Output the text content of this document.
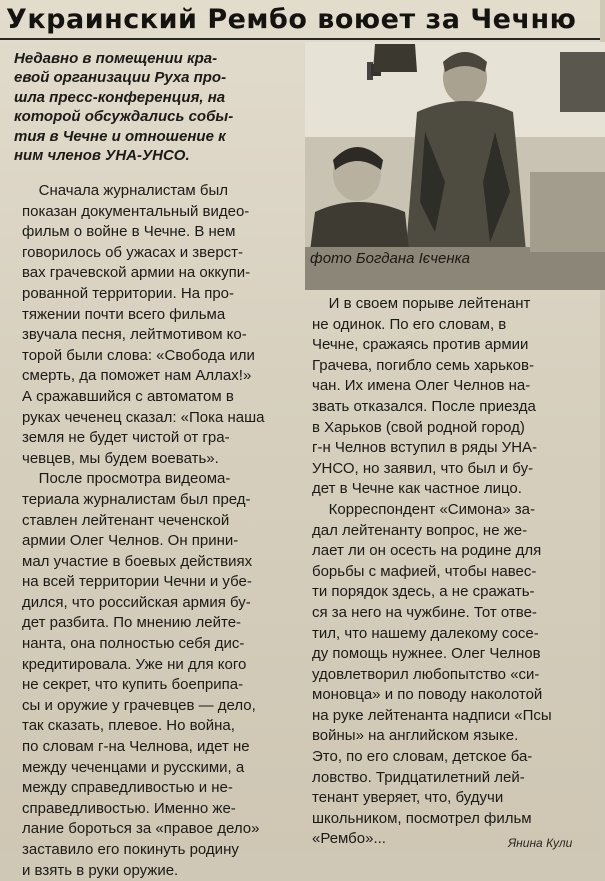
Украинский Рембо воюет за Чечню
Недавно в помещении кра-
евой организации Руха про-
шла пресс-конференция, на
которой обсуждались собы-
тия в Чечне и отношение к
ним членов УНА-УНСО.
фото Богдана Ієченка
Сначала журналистам был
показан документальный видео-
фильм о войне в Чечне. В нем
говорилось об ужасах и зверст-
вах грачевской армии на оккупи-
рованной территории. На про-
тяжении почти всего фильма
звучала песня, лейтмотивом ко-
торой были слова: «Свобода или
смерть, да поможет нам Аллах!»
А сражавшийся с автоматом в
руках чеченец сказал: «Пока наша
земля не будет чистой от гра-
чевцев, мы будем воевать».
После просмотра видеома-
териала журналистам был пред-
ставлен лейтенант чеченской
армии Олег Челнов. Он прини-
мал участие в боевых действиях
на всей территории Чечни и убе-
дился, что российская армия бу-
дет разбита. По мнению лейте-
нанта, она полностью себя дис-
кредитировала. Уже ни для кого
не секрет, что купить боеприпа-
сы и оружие у грачевцев — дело,
так сказать, плевое. Но война,
по словам г-на Челнова, идет не
между чеченцами и русскими, а
между справедливостью и не-
справедливостью. Именно же-
лание бороться за «правое дело»
заставило его покинуть родину
и взять в руки оружие.
И в своем порыве лейтенант
не одинок. По его словам, в
Чечне, сражаясь против армии
Грачева, погибло семь харьков-
чан. Их имена Олег Челнов на-
звать отказался. После приезда
в Харьков (свой родной город)
г-н Челнов вступил в ряды УНА-
УНСО, но заявил, что был и бу-
дет в Чечне как частное лицо.
Корреспондент «Симона» за-
дал лейтенанту вопрос, не же-
лает ли он осесть на родине для
борьбы с мафией, чтобы навес-
ти порядок здесь, а не сражать-
ся за него на чужбине. Тот отве-
тил, что нашему далекому сосе-
ду помощь нужнее. Олег Челнов
удовлетворил любопытство «си-
моновца» и по поводу наколотой
на руке лейтенанта надписи «Псы
войны» на английском языке.
Это, по его словам, детское ба-
ловство. Тридцатилетний лей-
тенант уверяет, что, будучи
школьником, посмотрел фильм
«Рембо»...	Янина Кули
